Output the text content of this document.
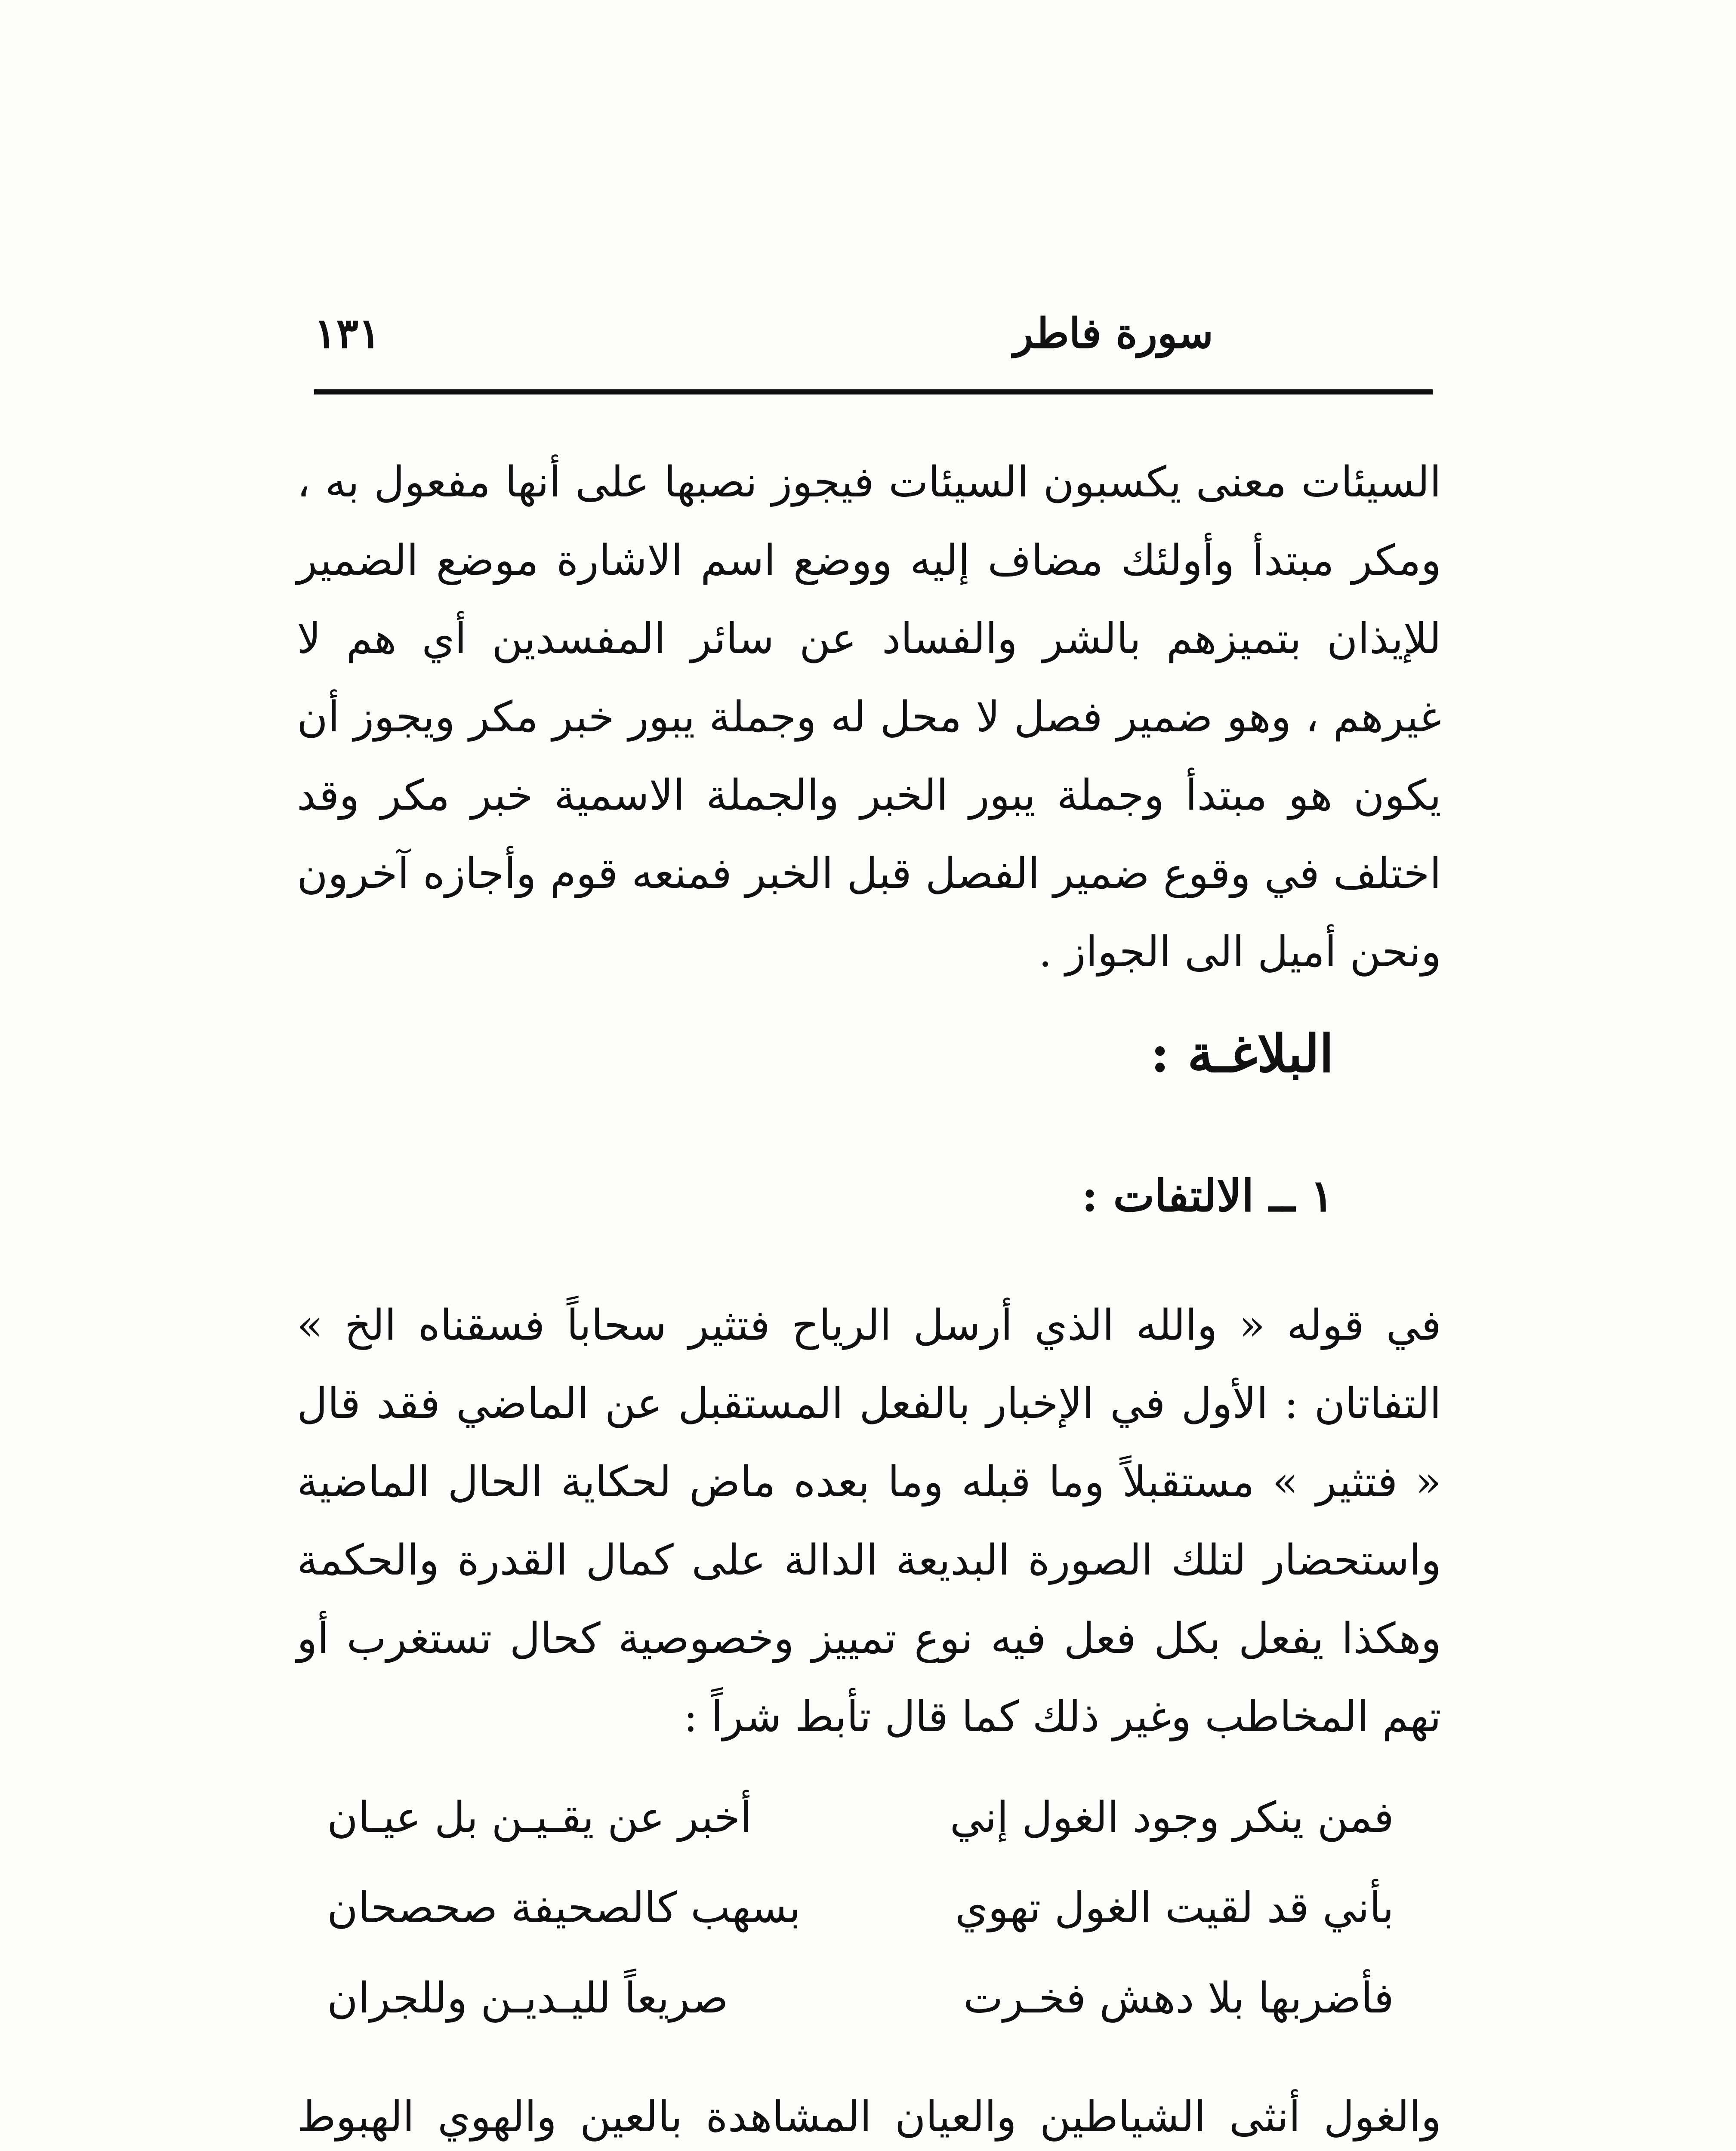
سورة فاطر
١٣١

السيئات معنى يكسبون السيئات فيجوز نصبها على أنها مفعول به ، ومكر مبتدأ وأولئك مضاف إليه ووضع اسم الاشارة موضع الضمير للإيذان بتميزهم بالشر والفساد عن سائر المفسدين أي هم لا غيرهم ، وهو ضمير فصل لا محل له وجملة يبور خبر مكر ويجوز أن يكون هو مبتدأ وجملة يبور الخبر والجملة الاسمية خبر مكر وقد اختلف في وقوع ضمير الفصل قبل الخبر فمنعه قوم وأجازه آخرون ونحن أميل الى الجواز .

البلاغـة :
١ ــ الالتفات :

في قوله « والله الذي أرسل الرياح فتثير سحاباً فسقناه الخ » التفاتان : الأول في الإخبار بالفعل المستقبل عن الماضي فقد قال « فتثير » مستقبلاً وما قبله وما بعده ماض لحكاية الحال الماضية واستحضار لتلك الصورة البديعة الدالة على كمال القدرة والحكمة وهكذا يفعل بكل فعل فيه نوع تمييز وخصوصية كحال تستغرب أو تهم المخاطب وغير ذلك كما قال تأبط شراً :

فمن ينكر وجود الغول إني
أخبر عن يقـيـن بل عيـان
بأني قد لقيت الغول تهوي
بسهب كالصحيفة صحصحان
فأضربها بلا دهش فخـرت
صريعاً لليـديـن وللجران

والغول أنثى الشياطين والعيان المشاهدة بالعين والهوي الهبوط
